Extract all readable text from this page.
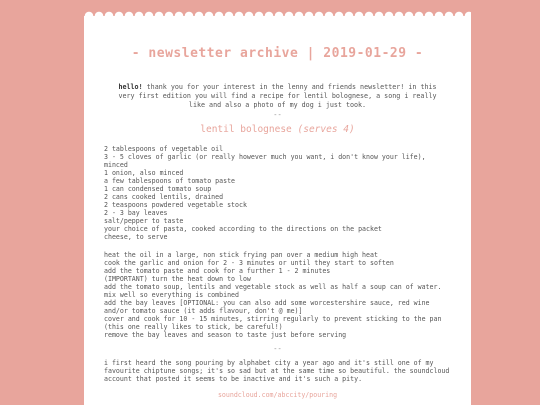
- newsletter archive | 2019-01-29 -
hello! thank you for your interest in the lenny and friends newsletter! in this very first edition you will find a recipe for lentil bolognese, a song i really like and also a photo of my dog i just took.
--
lentil bolognese (serves 4)
2 tablespoons of vegetable oil
3 - 5 cloves of garlic (or really however much you want, i don't know your life), minced
1 onion, also minced
a few tablespoons of tomato paste
1 can condensed tomato soup
2 cans cooked lentils, drained
2 teaspoons powdered vegetable stock
2 - 3 bay leaves
salt/pepper to taste
your choice of pasta, cooked according to the directions on the packet
cheese, to serve
heat the oil in a large, non stick frying pan over a medium high heat
cook the garlic and onion for 2 - 3 minutes or until they start to soften
add the tomato paste and cook for a further 1 - 2 minutes
(IMPORTANT) turn the heat down to low
add the tomato soup, lentils and vegetable stock as well as half a soup can of water. mix well so everything is combined
add the bay leaves [OPTIONAL: you can also add some worcestershire sauce, red wine and/or tomato sauce (it adds flavour, don't @ me)]
cover and cook for 10 - 15 minutes, stirring regularly to prevent sticking to the pan (this one really likes to stick, be careful!)
remove the bay leaves and season to taste just before serving
--
i first heard the song pouring by alphabet city a year ago and it's still one of my favourite chiptune songs; it's so sad but at the same time so beautiful. the soundcloud account that posted it seems to be inactive and it's such a pity.
soundcloud.com/abccity/pouring
